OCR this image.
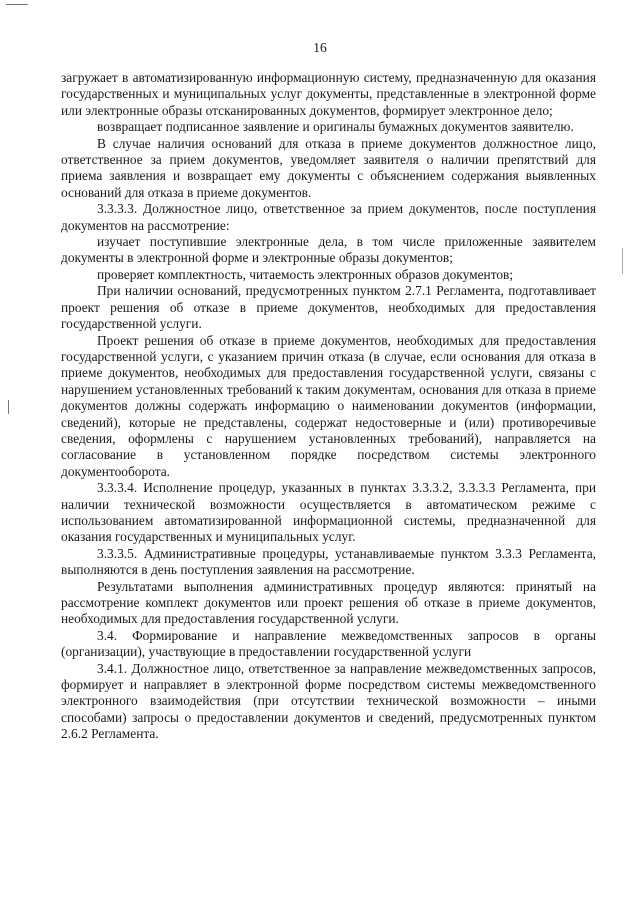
16

загружает в автоматизированную информационную систему, предназначенную для оказания государственных и муниципальных услуг документы, представленные в электронной форме или электронные образы отсканированных документов, формирует электронное дело;

возвращает подписанное заявление и оригиналы бумажных документов заявителю.

В случае наличия оснований для отказа в приеме документов должностное лицо, ответственное за прием документов, уведомляет заявителя о наличии препятствий для приема заявления и возвращает ему документы с объяснением содержания выявленных оснований для отказа в приеме документов.

3.3.3.3. Должностное лицо, ответственное за прием документов, после поступления документов на рассмотрение:

изучает поступившие электронные дела, в том числе приложенные заявителем документы в электронной форме и электронные образы документов;

проверяет комплектность, читаемость электронных образов документов;

При наличии оснований, предусмотренных пунктом 2.7.1 Регламента, подготавливает проект решения об отказе в приеме документов, необходимых для предоставления государственной услуги.

Проект решения об отказе в приеме документов, необходимых для предоставления государственной услуги, с указанием причин отказа (в случае, если основания для отказа в приеме документов, необходимых для предоставления государственной услуги, связаны с нарушением установленных требований к таким документам, основания для отказа в приеме документов должны содержать информацию о наименовании документов (информации, сведений), которые не представлены, содержат недостоверные и (или) противоречивые сведения, оформлены с нарушением установленных требований), направляется на согласование в установленном порядке посредством системы электронного документооборота.

3.3.3.4. Исполнение процедур, указанных в пунктах 3.3.3.2, 3.3.3.3 Регламента, при наличии технической возможности осуществляется в автоматическом режиме с использованием автоматизированной информационной системы, предназначенной для оказания государственных и муниципальных услуг.

3.3.3.5. Административные процедуры, устанавливаемые пунктом 3.3.3 Регламента, выполняются в день поступления заявления на рассмотрение.

Результатами выполнения административных процедур являются: принятый на рассмотрение комплект документов или проект решения об отказе в приеме документов, необходимых для предоставления государственной услуги.

3.4. Формирование и направление межведомственных запросов в органы (организации), участвующие в предоставлении государственной услуги

3.4.1. Должностное лицо, ответственное за направление межведомственных запросов, формирует и направляет в электронной форме посредством системы межведомственного электронного взаимодействия (при отсутствии технической возможности – иными способами) запросы о предоставлении документов и сведений, предусмотренных пунктом 2.6.2 Регламента.
